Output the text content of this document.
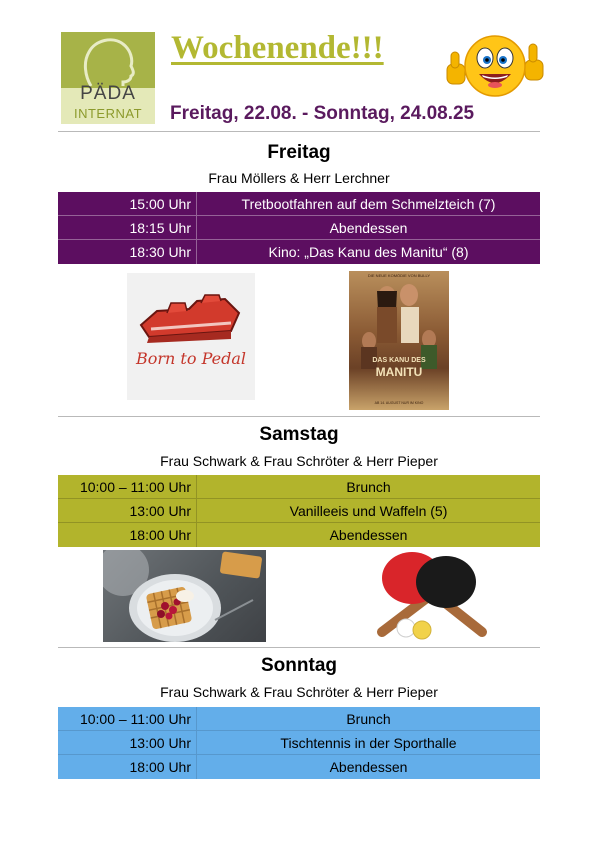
PÄDA
INTERNAT
Wochenende!!!
Freitag, 22.08. - Sonntag, 24.08.25
Freitag
Frau Möllers & Herr Lerchner
15:00 Uhr	Tretbootfahren auf dem Schmelzteich (7)
18:15 Uhr	Abendessen
18:30 Uhr	Kino: „Das Kanu des Manitu“ (8)
Born to Pedal
DIE NEUE KOMÖDIE VON BULLY
DAS KANU DES
MANITU
AB 14. AUGUST NUR IM KINO
Samstag
Frau Schwark & Frau Schröter & Herr Pieper
10:00 – 11:00 Uhr	Brunch
13:00 Uhr	Vanilleeis und Waffeln (5)
18:00 Uhr	Abendessen
Sonntag
Frau Schwark & Frau Schröter & Herr Pieper
10:00 – 11:00 Uhr	Brunch
13:00 Uhr	Tischtennis in der Sporthalle
18:00 Uhr	Abendessen
